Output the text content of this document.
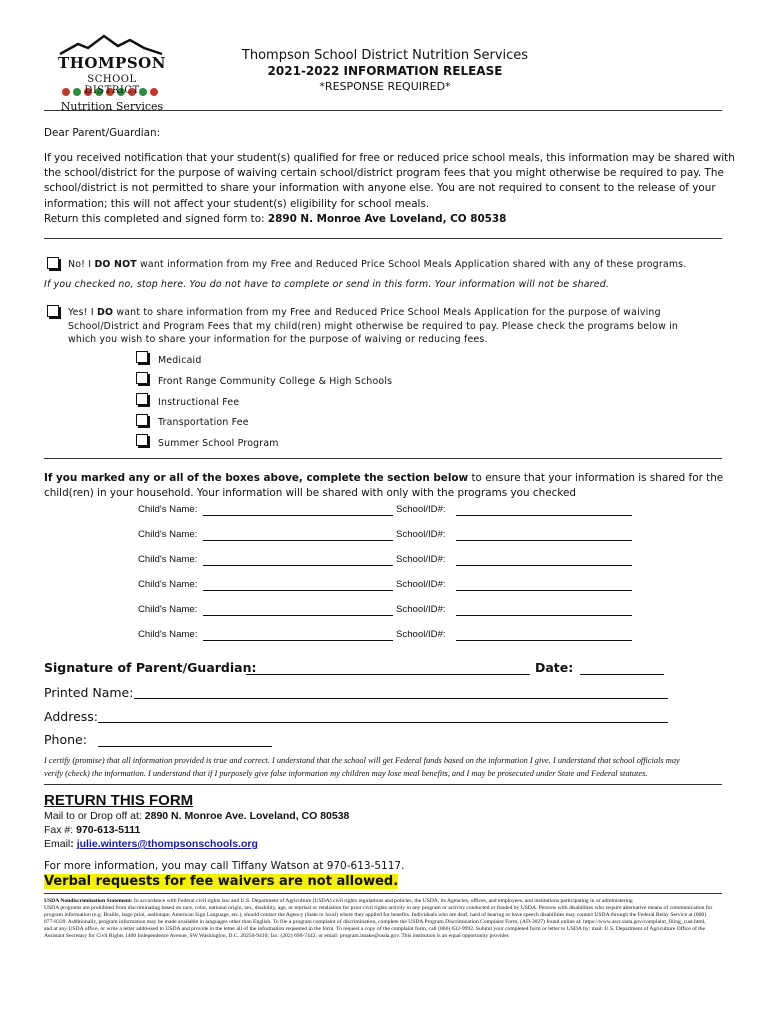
THOMPSON
SCHOOL DISTRICT
Nutrition Services
Thompson School District Nutrition Services
2021-2022 INFORMATION RELEASE
*RESPONSE REQUIRED*
Dear Parent/Guardian:
If you received notification that your student(s) qualified for free or reduced price school meals, this information may be shared with
the school/district for the purpose of waiving certain school/district program fees that you might otherwise be required to pay. The
school/district is not permitted to share your information with anyone else. You are not required to consent to the release of your
information; this will not affect your student(s) eligibility for school meals.
Return this completed and signed form to: 2890 N. Monroe Ave Loveland, CO 80538
No! I DO NOT want information from my Free and Reduced Price School Meals Application shared with any of these programs.
If you checked no, stop here. You do not have to complete or send in this form. Your information will not be shared.
Yes! I DO want to share information from my Free and Reduced Price School Meals Application for the purpose of waiving
School/District and Program Fees that my child(ren) might otherwise be required to pay. Please check the programs below in
which you wish to share your information for the purpose of waiving or reducing fees.
Medicaid
Front Range Community College & High Schools
Instructional Fee
Transportation Fee
Summer School Program
If you marked any or all of the boxes above, complete the section below to ensure that your information is shared for the
child(ren) in your household. Your information will be shared with only with the programs you checked
Child's Name:	School/ID#:
Child's Name:	School/ID#:
Child's Name:	School/ID#:
Child's Name:	School/ID#:
Child's Name:	School/ID#:
Child's Name:	School/ID#:
Signature of Parent/Guardian:	Date:
Printed Name:
Address:
Phone:
I certify (promise) that all information provided is true and correct. I understand that the school will get Federal funds based on the information I give. I understand that school officials may
verify (check) the information. I understand that if I purposely give false information my children may lose meal benefits, and I may be prosecuted under State and Federal statutes.
RETURN THIS FORM
Mail to or Drop off at: 2890 N. Monroe Ave. Loveland, CO 80538
Fax #: 970-613-5111
Email: julie.winters@thompsonschools.org
For more information, you may call Tiffany Watson at 970-613-5117.
Verbal requests for fee waivers are not allowed.
USDA Nondiscrimination Statement: In accordance with Federal civil rights law and U.S. Department of Agriculture (USDA) civil rights regulations and policies, the USDA, its Agencies, offices, and employees, and institutions participating in or administering
USDA programs are prohibited from discriminating based on race, color, national origin, sex, disability, age, or reprisal or retaliation for prior civil rights activity in any program or activity conducted or funded by USDA. Persons with disabilities who require alternative means of communication for
program information (e.g. Braille, large print, audiotape, American Sign Language, etc.), should contact the Agency (State or local) where they applied for benefits. Individuals who are deaf, hard of hearing or have speech disabilities may contact USDA through the Federal Relay Service at (800)
877-8339. Additionally, program information may be made available in languages other than English. To file a program complaint of discrimination, complete the USDA Program Discrimination Complaint Form, (AD-3027) found online at: https://www.ascr.usda.gov/complaint_filing_cust.html,
and at any USDA office, or write a letter addressed to USDA and provide in the letter all of the information requested in the form. To request a copy of the complaint form, call (866) 632-9992. Submit your completed form or letter to USDA by: mail: U.S. Department of Agriculture Office of the
Assistant Secretary for Civil Rights 1400 Independence Avenue, SW Washington, D.C. 20250-9410; fax: (202) 690-7442; or email: program.intake@usda.gov. This institution is an equal opportunity provider.
